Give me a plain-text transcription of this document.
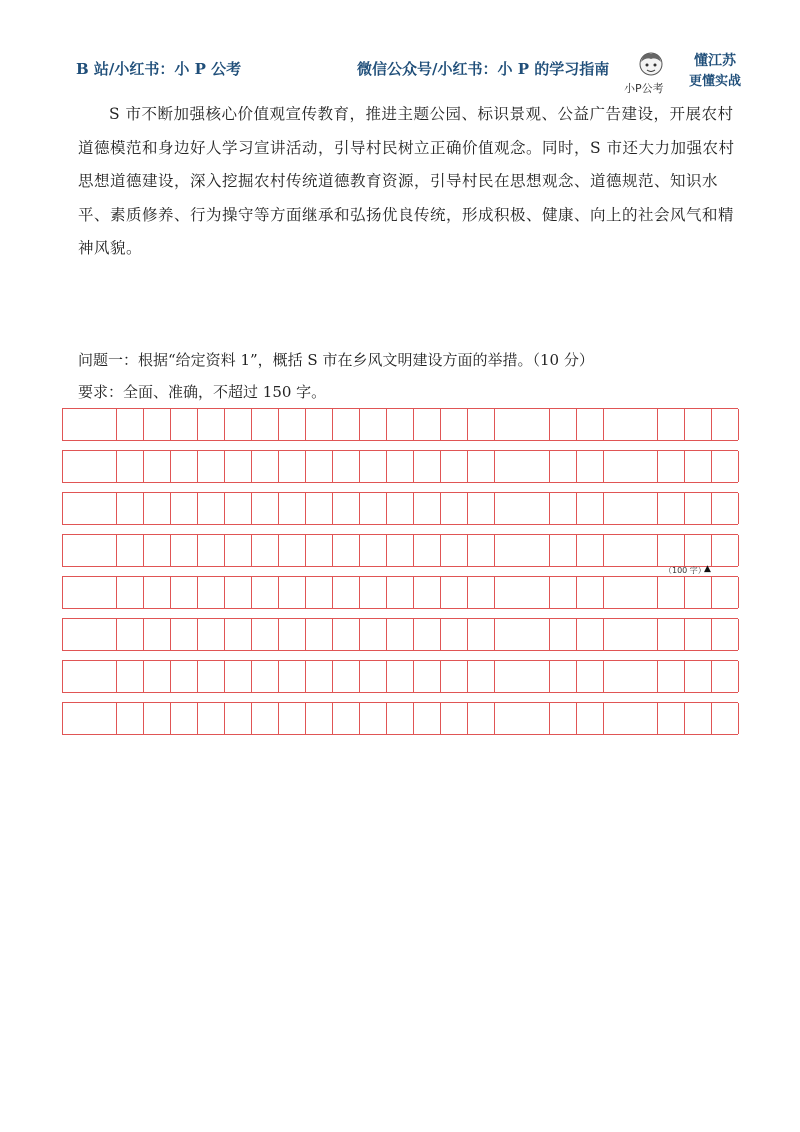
B 站/小红书：小 P 公考	微信公众号/小红书：小 P 的学习指南
小P公考
懂江苏
更懂实战
S 市不断加强核心价值观宣传教育，推进主题公园、标识景观、公益广告建设，开展农村道德模范和身边好人学习宣讲活动，引导村民树立正确价值观念。同时，S 市还大力加强农村思想道德建设，深入挖掘农村传统道德教育资源，引导村民在思想观念、道德规范、知识水平、素质修养、行为操守等方面继承和弘扬优良传统，形成积极、健康、向上的社会风气和精神风貌。
问题一：根据“给定资料 1”，概括 S 市在乡风文明建设方面的举措。（10 分）
要求：全面、准确，不超过 150 字。
（100 字）
▲
